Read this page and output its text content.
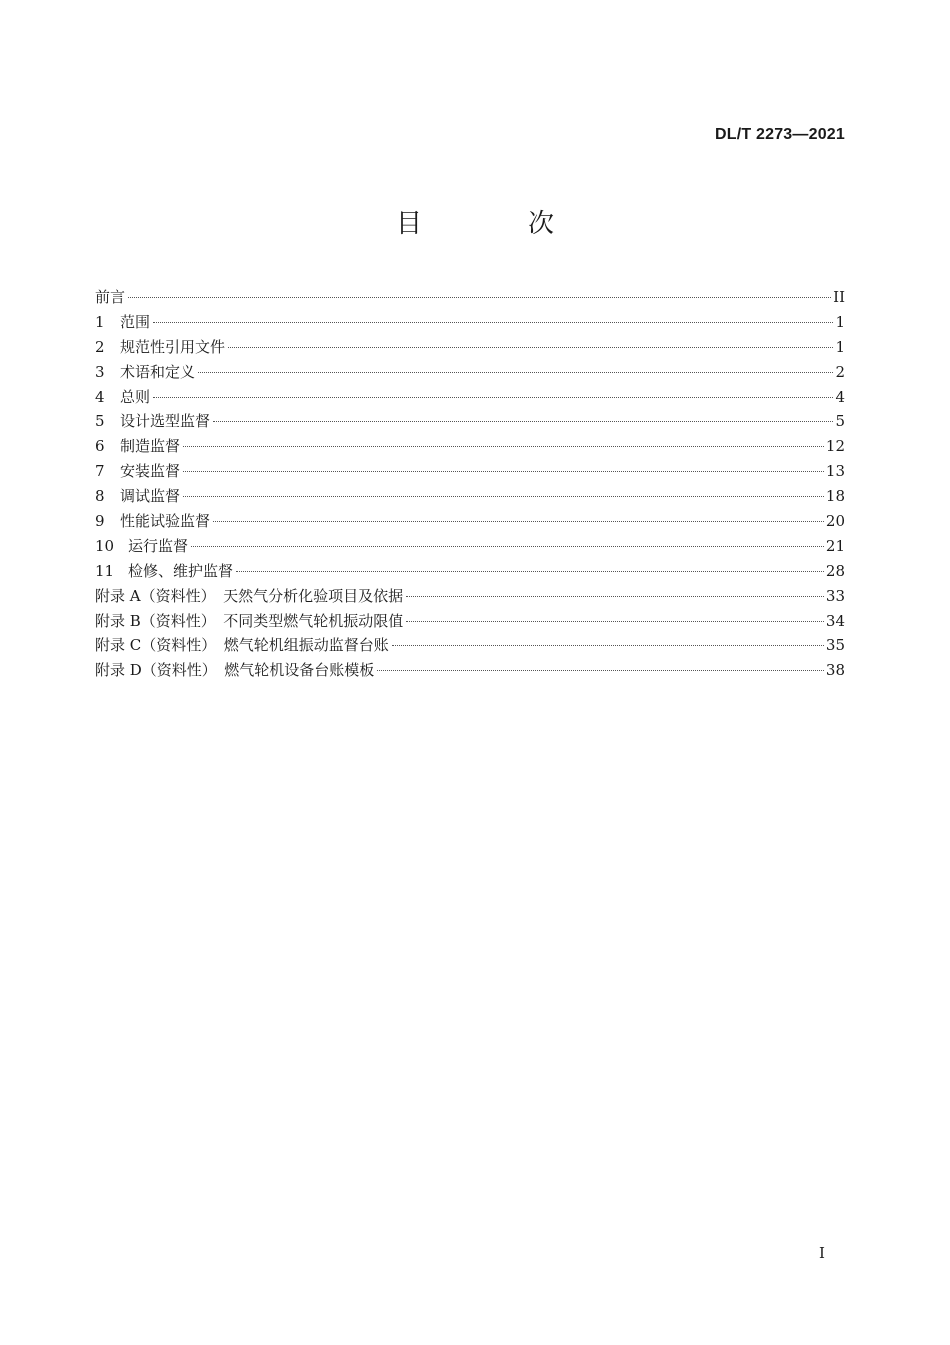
DL/T 2273—2021
目　次
前言	II
1	范围	1
2	规范性引用文件	1
3	术语和定义	2
4	总则	4
5	设计选型监督	5
6	制造监督	12
7	安装监督	13
8	调试监督	18
9	性能试验监督	20
10 运行监督	21
11 检修、维护监督	28
附录 A（资料性）　天然气分析化验项目及依据	33
附录 B（资料性）　不同类型燃气轮机振动限值	34
附录 C（资料性）　燃气轮机组振动监督台账	35
附录 D（资料性）　燃气轮机设备台账模板	38
I
